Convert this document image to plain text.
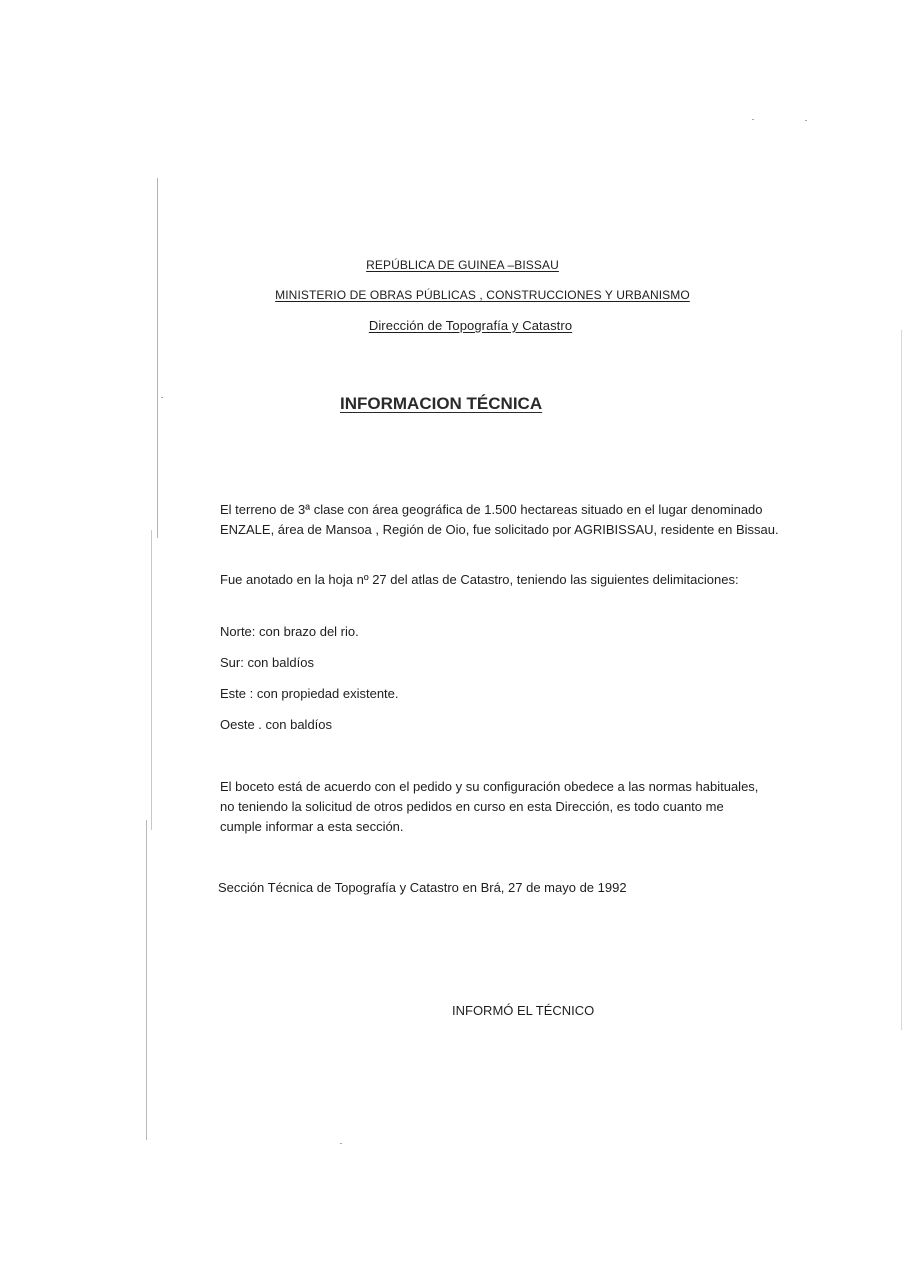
REPÚBLICA DE GUINEA –BISSAU
MINISTERIO DE OBRAS PÚBLICAS , CONSTRUCCIONES Y URBANISMO
Dirección de Topografía y Catastro
INFORMACION TÉCNICA
El terreno de 3ª clase con área geográfica de 1.500 hectareas situado en el lugar denominado ENZALE, área de Mansoa , Región de Oio, fue solicitado por AGRIBISSAU, residente en Bissau.
Fue anotado en la hoja nº 27 del atlas de Catastro, teniendo las siguientes delimitaciones:
Norte: con brazo del rio.
Sur: con baldíos
Este : con propiedad existente.
Oeste . con baldíos
El boceto está de acuerdo con el pedido y su configuración obedece a las normas habituales, no teniendo la solicitud de otros pedidos en curso en esta Dirección, es todo cuanto me cumple informar a esta sección.
Sección Técnica de Topografía y Catastro en Brá, 27 de mayo de 1992
INFORMÓ EL TÉCNICO
